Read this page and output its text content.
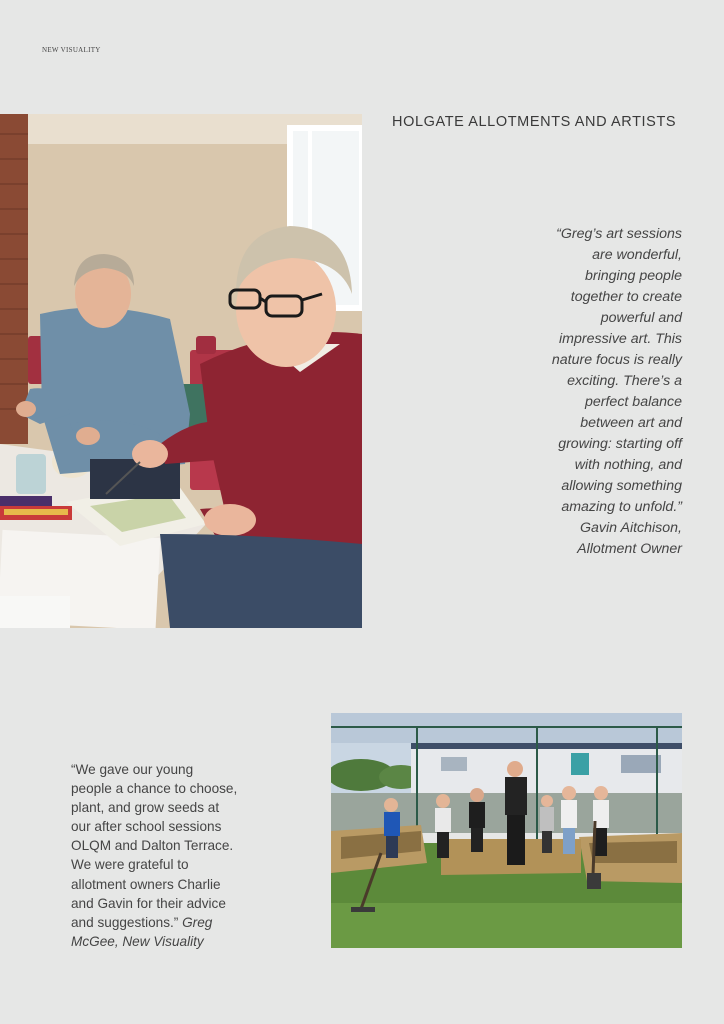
NEW VISUALITY
HOLGATE ALLOTMENTS AND ARTISTS
“Greg’s art sessions
are wonderful,
bringing people
together to create
powerful and
impressive art. This
nature focus is really
exciting. There’s a
perfect balance
between art and
growing: starting off
with nothing, and
allowing something
amazing to unfold.”
Gavin Aitchison,
Allotment Owner
“We gave our young
people a chance to choose,
plant, and grow seeds at
our after school sessions
OLQM and Dalton Terrace.
We were grateful to
allotment owners Charlie
and Gavin for their advice
and suggestions.” Greg
McGee, New Visuality
